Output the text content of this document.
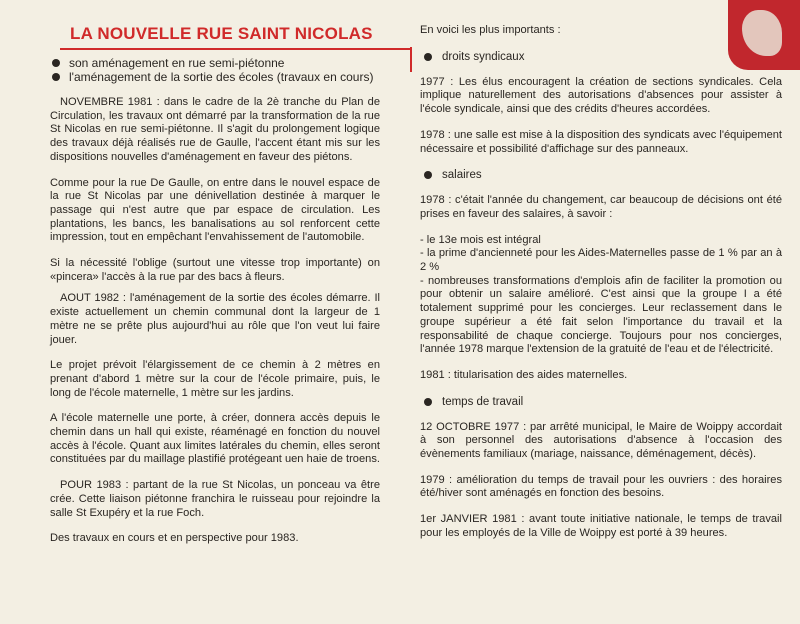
LA NOUVELLE RUE SAINT NICOLAS
son aménagement en rue semi-piétonne
l'aménagement de la sortie des écoles (travaux en cours)

NOVEMBRE 1981 : dans le cadre de la 2è tranche du Plan de Circulation, les travaux ont démarré par la transformation de la rue St Nicolas en rue semi-piétonne. Il s'agit du prolongement logique des travaux déjà réalisés rue de Gaulle, l'accent étant mis sur les dispositions nouvelles d'aménagement en faveur des piétons.

Comme pour la rue De Gaulle, on entre dans le nouvel espace de la rue St Nicolas par une dénivellation destinée à marquer le passage qui n'est autre que par espace de circulation. Les plantations, les bancs, les banalisations au sol renforcent cette impression, tout en empêchant l'envahissement de l'automobile.

Si la nécessité l'oblige (surtout une vitesse trop importante) on «pincera» l'accès à la rue par des bacs à fleurs.

AOUT 1982 : l'aménagement de la sortie des écoles démarre. Il existe actuellement un chemin communal dont la largeur de 1 mètre ne se prête plus aujourd'hui au rôle que l'on veut lui faire jouer.

Le projet prévoit l'élargissement de ce chemin à 2 mètres en prenant d'abord 1 mètre sur la cour de l'école primaire, puis, le long de l'école maternelle, 1 mètre sur les jardins.

A l'école maternelle une porte, à créer, donnera accès depuis le chemin dans un hall qui existe, réaménagé en fonction du nouvel accès à l'école. Quant aux limites latérales du chemin, elles seront constituées par du maillage plastifié protégeant uen haie de troens.

POUR 1983 : partant de la rue St Nicolas, un ponceau va être crée. Cette liaison piétonne franchira le ruisseau pour rejoindre la salle St Exupéry et la rue Foch.

Des travaux en cours et en perspective pour 1983.

En voici les plus importants :

droits syndicaux

1977 : Les élus encouragent la création de sections syndicales. Cela implique naturellement des autorisations d'absences pour assister à l'école syndicale, ainsi que des crédits d'heures accordées.

1978 : une salle est mise à la disposition des syndicats avec l'équipement nécessaire et possibilité d'affichage sur des panneaux.

salaires

1978 : c'était l'année du changement, car beaucoup de décisions ont été prises en faveur des salaires, à savoir :

- le 13e mois est intégral

- la prime d'ancienneté pour les Aides-Maternelles passe de 1 % par an à 2 %

- nombreuses transformations d'emplois afin de faciliter la promotion ou pour obtenir un salaire amélioré. C'est ainsi que la groupe I a été totalement supprimé pour les concierges. Leur reclassement dans le groupe supérieur a été fait selon l'importance du travail et la responsabilité de chaque concierge. Toujours pour nos concierges, l'année 1978 marque l'extension de la gratuité de l'eau et de l'électricité.

1981 : titularisation des aides maternelles.

temps de travail

12 OCTOBRE 1977 : par arrêté municipal, le Maire de Woippy accordait à son personnel des autorisations d'absence à l'occasion des évènements familiaux (mariage, naissance, déménagement, décès).

1979 : amélioration du temps de travail pour les ouvriers : des horaires été/hiver sont aménagés en fonction des besoins.

1er JANVIER 1981 : avant toute initiative nationale, le temps de travail pour les employés de la Ville de Woippy est porté à 39 heures.
